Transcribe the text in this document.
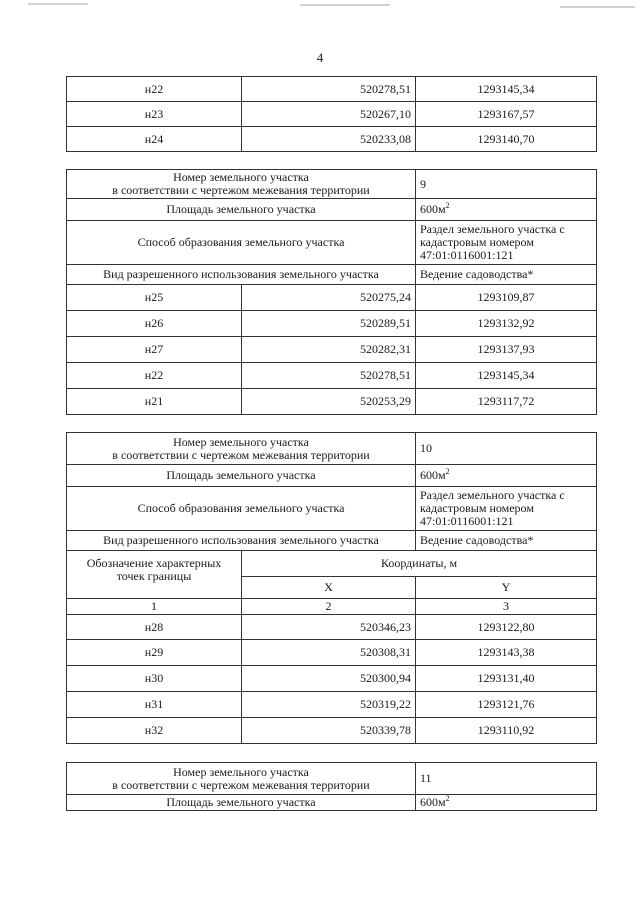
4
н22	520278,51	1293145,34
н23	520267,10	1293167,57
н24	520233,08	1293140,70
Номер земельного участка
в соответствии с чертежом межевания территории		9
Площадь земельного участка		$600м^2$
Способ образования земельного участка		Раздел земельного участка с
кадастровым номером
47:01:0116001:121

Вид разрешенного использования земельного участка		Ведение садоводства*
н25	520275,24	1293109,87
н26	520289,51	1293132,92
н27	520282,31	1293137,93
н22	520278,51	1293145,34
н21	520253,29	1293117,72
Номер земельного участка
в соответствии с чертежом межевания территории		10
Площадь земельного участка		$600м^2$
Способ образования земельного участка		Раздел земельного участка с
кадастровым номером
47:01:0116001:121

Вид разрешенного использования земельного участка		Ведение садоводства*

Обозначение характерных
точек границы	Координаты, м	
	X	Y
1	2	3
н28	520346,23	1293122,80
н29	520308,31	1293143,38
н30	520300,94	1293131,40
н31	520319,22	1293121,76
н32	520339,78	1293110,92
Номер земельного участка
в соответствии с чертежом межевания территории	11
Площадь земельного участка	$600м^2$
